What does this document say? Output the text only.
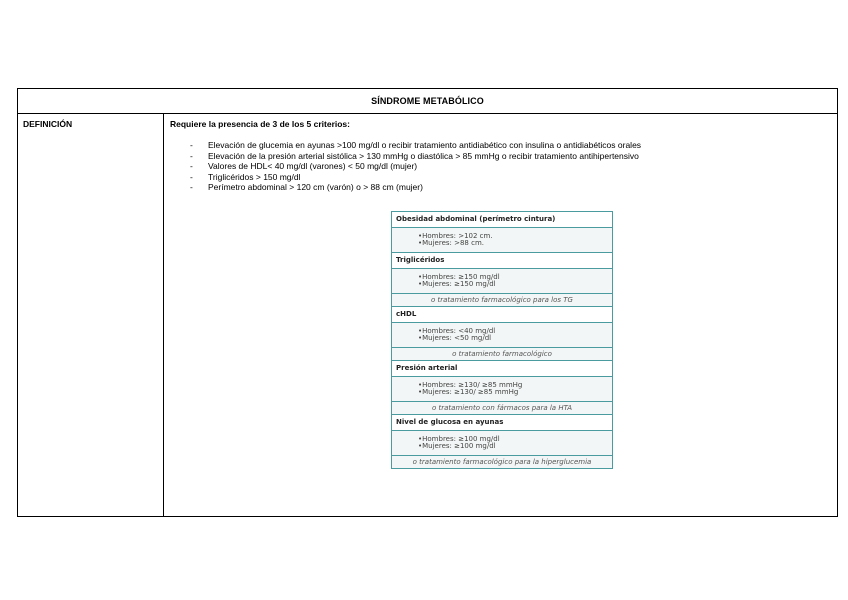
SÍNDROME METABÓLICO
DEFINICIÓN	Requiere la presencia de 3 de los 5 criterios:

- Elevación de glucemia en ayunas >100 mg/dl o recibir tratamiento antidiabético con insulina o antidiabéticos orales
- Elevación de la presión arterial sistólica > 130 mmHg o diastólica > 85 mmHg o recibir tratamiento antihipertensivo
- Valores de HDL< 40 mg/dl (varones) < 50 mg/dl (mujer)
- Triglicéridos > 150 mg/dl
- Perímetro abdominal > 120 cm (varón) o > 88 cm (mujer)
Obesidad abdominal (perímetro cintura)
•Hombres: >102 cm.
•Mujeres: >88 cm.
Triglicéridos
•Hombres: ≥150 mg/dl
•Mujeres: ≥150 mg/dl
o tratamiento farmacológico para los TG
cHDL
•Hombres: <40 mg/dl
•Mujeres: <50 mg/dl
o tratamiento farmacológico
Presión arterial
•Hombres: ≥130/ ≥85 mmHg
•Mujeres: ≥130/ ≥85 mmHg
o tratamiento con fármacos para la HTA
Nivel de glucosa en ayunas
•Hombres: ≥100 mg/dl
•Mujeres: ≥100 mg/dl
o tratamiento farmacológico para la hiperglucemia
